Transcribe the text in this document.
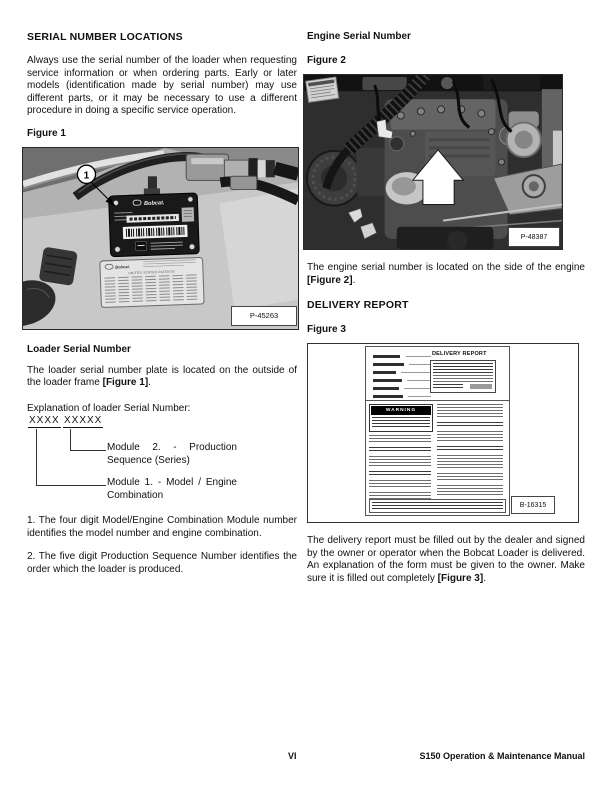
SERIAL NUMBER LOCATIONS
Always use the serial number of the loader when requesting service information or when ordering parts. Early or later models (identification made by serial number) may use different parts, or it may be necessary to use a different procedure in doing a specific service operation.
Figure 1
Bobcat.
Bobcat.
UNITED STATES PATENTS
1
P-45263
Loader Serial Number
The loader serial number plate is located on the outside of the loader frame [Figure 1].
Explanation of loader Serial Number:
XXXX XXXXX
Module 2. - Production Sequence (Series)
Module 1. - Model / Engine Combination
1. The four digit Model/Engine Combination Module number identifies the model number and engine combination.
2. The five digit Production Sequence Number identifies the order which the loader is produced.
Engine Serial Number
Figure 2
P-48387
The engine serial number is located on the side of the engine [Figure 2].
DELIVERY REPORT
Figure 3
DELIVERY REPORT
WARNING
B-16315
The delivery report must be filled out by the dealer and signed by the owner or operator when the Bobcat Loader is delivered. An explanation of the form must be given to the owner. Make sure it is filled out completely [Figure 3].
VI	S150 Operation & Maintenance Manual
